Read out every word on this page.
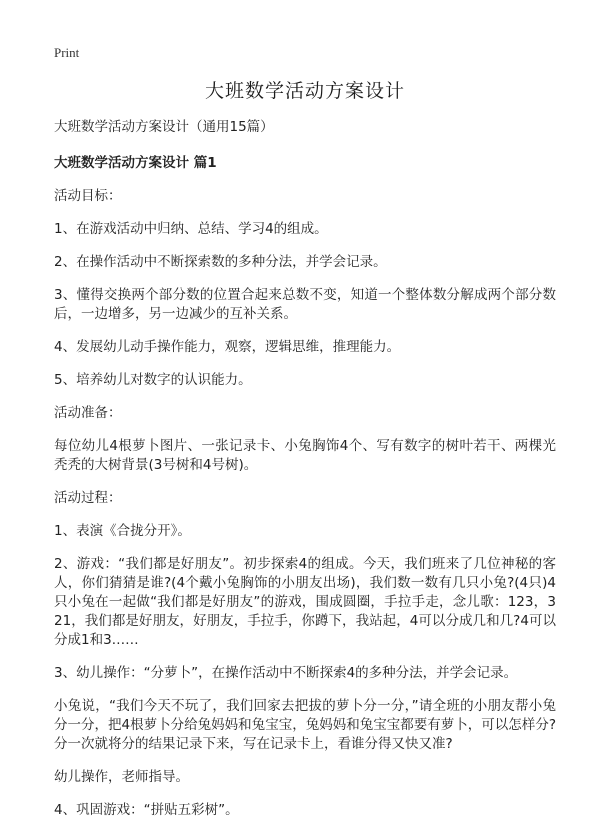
Print
大班数学活动方案设计

大班数学活动方案设计（通用15篇）

大班数学活动方案设计 篇1

活动目标：

1、在游戏活动中归纳、总结、学习4的组成。

2、在操作活动中不断探索数的多种分法，并学会记录。

3、懂得交换两个部分数的位置合起来总数不变，知道一个整体数分解成两个部分数后，一边增多，另一边减少的互补关系。

4、发展幼儿动手操作能力，观察，逻辑思维，推理能力。

5、培养幼儿对数字的认识能力。

活动准备：

每位幼儿4根萝卜图片、一张记录卡、小兔胸饰4个、写有数字的树叶若干、两棵光秃秃的大树背景(3号树和4号树)。

活动过程：

1、表演《合拢分开》。

2、游戏：“我们都是好朋友”。初步探索4的组成。今天，我们班来了几位神秘的客人，你们猜猜是谁?(4个戴小兔胸饰的小朋友出场)，我们数一数有几只小兔?(4只)4只小兔在一起做“我们都是好朋友”的游戏，围成圆圈，手拉手走，念儿歌：123，321，我们都是好朋友，好朋友，手拉手，你蹲下，我站起，4可以分成几和几?4可以分成1和3……

3、幼儿操作：“分萝卜”，在操作活动中不断探索4的多种分法，并学会记录。

小兔说，“我们今天不玩了，我们回家去把拔的萝卜分一分，”请全班的小朋友帮小兔分一分，把4根萝卜分给兔妈妈和兔宝宝，兔妈妈和兔宝宝都要有萝卜，可以怎样分?分一次就将分的结果记录下来，写在记录卡上，看谁分得又快又准?

幼儿操作，老师指导。

4、巩固游戏：“拼贴五彩树”。
